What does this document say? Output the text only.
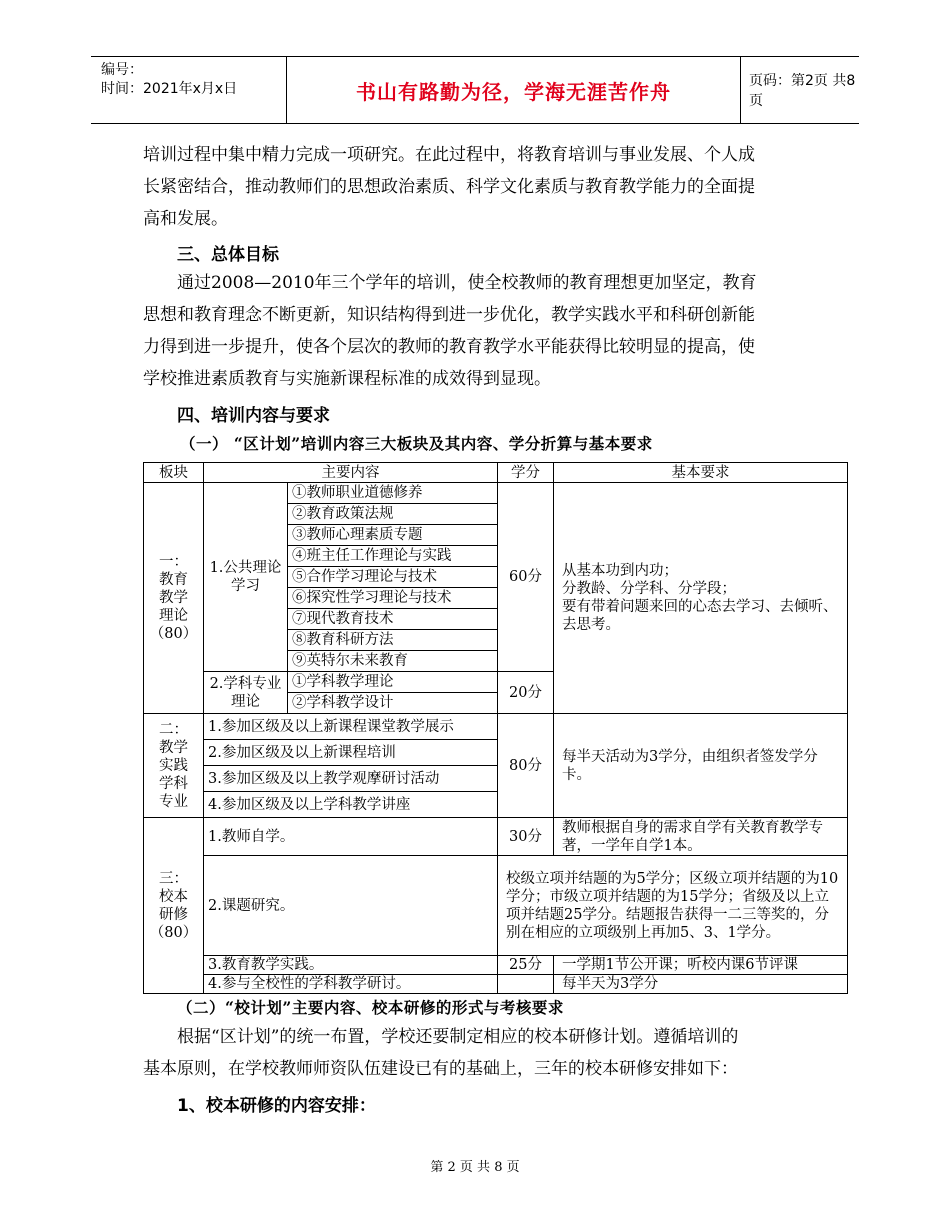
编号：
时间：2021年x月x日	书山有路勤为径，学海无涯苦作舟	页码：第2页 共8页
培训过程中集中精力完成一项研究。在此过程中，将教育培训与事业发展、个人成
长紧密结合，推动教师们的思想政治素质、科学文化素质与教育教学能力的全面提
高和发展。
三、总体目标
通过2008—2010年三个学年的培训，使全校教师的教育理想更加坚定，教育
思想和教育理念不断更新，知识结构得到进一步优化，教学实践水平和科研创新能
力得到进一步提升，使各个层次的教师的教育教学水平能获得比较明显的提高，使
学校推进素质教育与实施新课程标准的成效得到显现。
四、培训内容与要求
（一） “区计划”培训内容三大板块及其内容、学分折算与基本要求
板块	主要内容		学分	基本要求
一：
教育
教学
理论（80）	1.公共理论学习	①教师职业道德修养	60分	从基本功到内功；
分教龄、分学科、分学段；
要有带着问题来回的心态去学习、去倾听、去思考。
		②教育政策法规		
		③教师心理素质专题		
		④班主任工作理论与实践		
		⑤合作学习理论与技术		
		⑥探究性学习理论与技术		
		⑦现代教育技术		
		⑧教育科研方法		
		⑨英特尔未来教育		
	2.学科专业理论	①学科教学理论	20分	
		②学科教学设计		
二：
教学
实践
学科
专业	1.参加区级及以上新课程课堂教学展示		80分	每半天活动为3学分，由组织者签发学分卡。
	2.参加区级及以上新课程培训			
	3.参加区级及以上教学观摩研讨活动			
	4.参加区级及以上学科教学讲座			
三：
校本
研修（80）	1.教师自学。		30分	教师根据自身的需求自学有关教育教学专著，一学年自学1本。
	2.课题研究。		校级立项并结题的为5学分；区级立项并结题的为10学分；市级立项并结题的为15学分；省级及以上立项并结题25学分。结题报告获得一二三等奖的，分别在相应的立项级别上再加5、3、1学分。	
	3.教育教学实践。		25分	一学期1节公开课；听校内课6节评课
	4.参与全校性的学科教学研讨。			每半天为3学分
（二）“校计划”主要内容、校本研修的形式与考核要求
根据“区计划”的统一布置，学校还要制定相应的校本研修计划。遵循培训的
基本原则，在学校教师师资队伍建设已有的基础上，三年的校本研修安排如下：
1、校本研修的内容安排：
第 2 页 共 8 页
